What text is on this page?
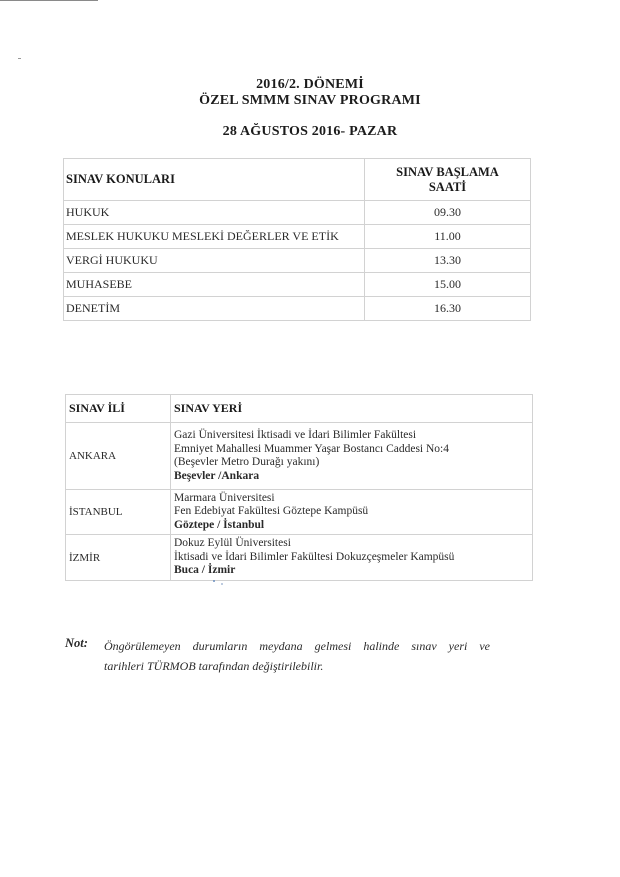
2016/2. DÖNEMİ
ÖZEL SMMM SINAV PROGRAMI
28 AĞUSTOS 2016- PAZAR
SINAV KONULARI	SINAV BAŞLAMA
SAATİ
HUKUK	09.30
MESLEK HUKUKU MESLEKİ DEĞERLER VE ETİK	11.00
VERGİ HUKUKU	13.30
MUHASEBE	15.00
DENETİM	16.30
SINAV İLİ	SINAV YERİ
ANKARA	Gazi Üniversitesi İktisadi ve İdari Bilimler Fakültesi
Emniyet Mahallesi Muammer Yaşar Bostancı Caddesi No:4
(Beşevler Metro Durağı yakını)
Beşevler /Ankara

İSTANBUL	Marmara Üniversitesi
Fen Edebiyat Fakültesi Göztepe Kampüsü
Göztepe / İstanbul

İZMİR	Dokuz Eylül Üniversitesi
İktisadi ve İdari Bilimler Fakültesi Dokuzçeşmeler Kampüsü
Buca / İzmir
Not: Öngörülemeyen durumların meydana gelmesi halinde sınav yeri ve
tarihleri TÜRMOB tarafından değiştirilebilir.
